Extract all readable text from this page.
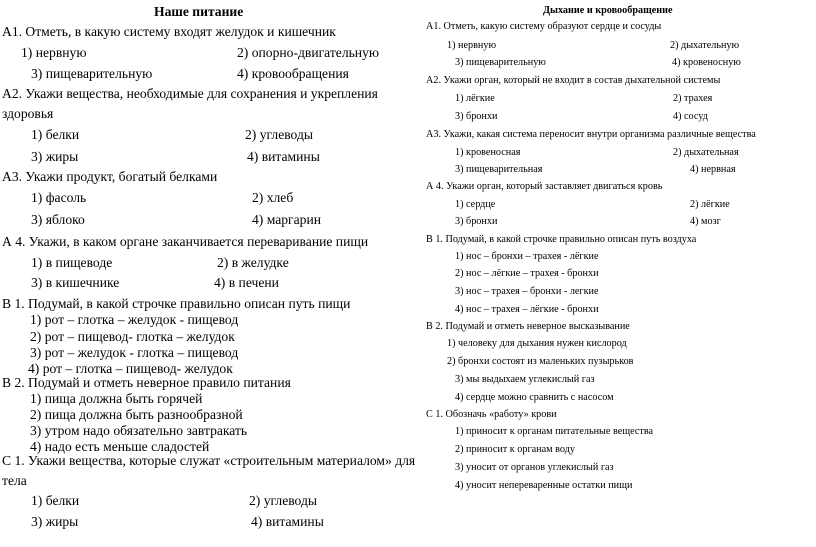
Наше питание
А1. Отметь, в какую систему входят желудок и кишечник
1) нервную	2) опорно-двигательную
3) пищеварительную	4) кровообращения
А2. Укажи вещества, необходимые для сохранения и укрепления
здоровья
1) белки	2) углеводы
3) жиры	4) витамины
А3. Укажи продукт, богатый белками
1) фасоль	2) хлеб
3) яблоко	4) маргарин
А 4. Укажи, в каком органе заканчивается переваривание пищи
1) в пищеводе	2) в желудке
3) в кишечнике	4) в печени
В 1. Подумай, в какой строчке правильно описан путь пищи
1) рот – глотка – желудок - пищевод
2) рот – пищевод- глотка – желудок
3) рот – желудок - глотка – пищевод
4) рот – глотка – пищевод- желудок
В 2. Подумай и отметь неверное правило питания
1) пища должна быть горячей
2) пища должна быть разнообразной
3) утром надо обязательно завтракать
4) надо есть меньше сладостей
С 1. Укажи вещества, которые служат «строительным материалом» для
тела
1) белки	2) углеводы
3) жиры	4) витамины
Дыхание и кровообращение
А1. Отметь, какую систему образуют сердце и сосуды
1) нервную	2) дыхательную
3) пищеварительную	4) кровеносную
А2. Укажи орган, который не входит в состав дыхательной системы
1) лёгкие	2) трахея
3) бронхи	4) сосуд
А3. Укажи, какая система переносит внутри организма различные вещества
1) кровеносная	2) дыхательная
3) пищеварительная	4) нервная
А 4. Укажи орган, который заставляет двигаться кровь
1) сердце	2) лёгкие
3) бронхи	4) мозг
В 1. Подумай, в какой строчке правильно описан путь воздуха
1) нос – бронхи – трахея - лёгкие
2) нос – лёгкие – трахея - бронхи
3) нос – трахея – бронхи - легкие
4) нос – трахея – лёгкие - бронхи
В 2. Подумай и отметь неверное высказывание
1) человеку для дыхания нужен кислород
2) бронхи состоят из маленьких пузырьков
3) мы выдыхаем углекислый газ
4) сердце можно сравнить с насосом
С 1. Обозначь «работу» крови
1) приносит к органам питательные вещества
2) приносит к органам воду
3) уносит от органов углекислый газ
4) уносит непереваренные остатки пищи
